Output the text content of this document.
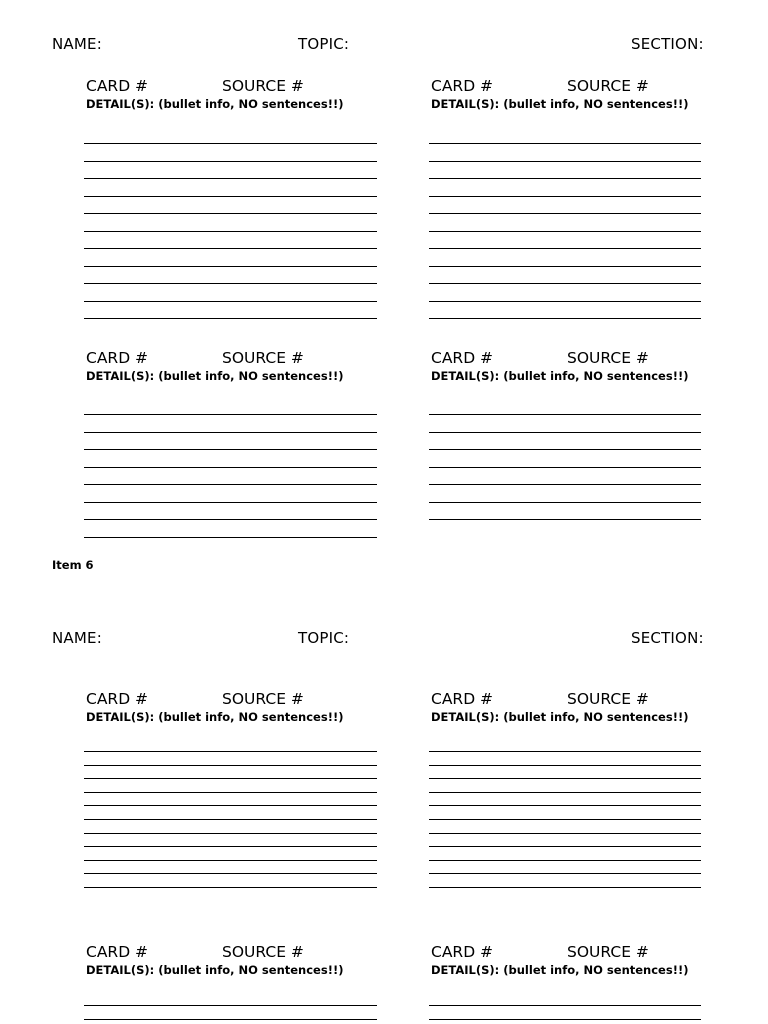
NAME:	TOPIC:	SECTION:
CARD #	SOURCE #
DETAIL(S): (bullet info, NO sentences!!)
CARD #	SOURCE #
DETAIL(S): (bullet info, NO sentences!!)
CARD #	SOURCE #
DETAIL(S): (bullet info, NO sentences!!)
CARD #	SOURCE #
DETAIL(S): (bullet info, NO sentences!!)
Item 6
NAME:	TOPIC:	SECTION:
CARD #	SOURCE #
DETAIL(S): (bullet info, NO sentences!!)
CARD #	SOURCE #
DETAIL(S): (bullet info, NO sentences!!)
CARD #	SOURCE #
DETAIL(S): (bullet info, NO sentences!!)
CARD #	SOURCE #
DETAIL(S): (bullet info, NO sentences!!)
